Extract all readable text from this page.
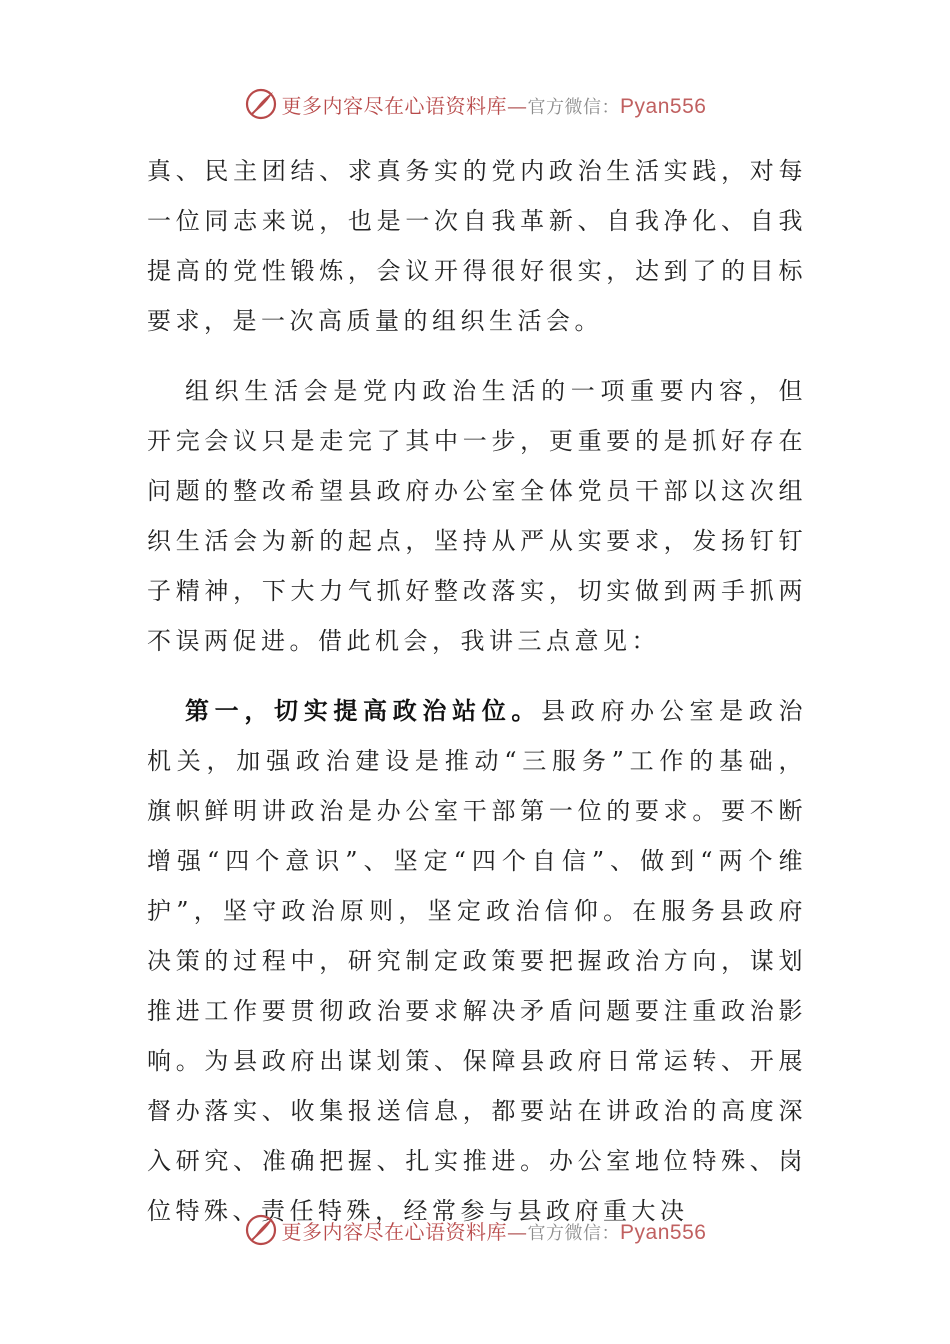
更多内容尽在心语资料库—官方微信：Pyan556

真、民主团结、求真务实的党内政治生活实践，对每一位同志来说，也是一次自我革新、自我净化、自我提高的党性锻炼，会议开得很好很实，达到了的目标要求，是一次高质量的组织生活会。

组织生活会是党内政治生活的一项重要内容，但开完会议只是走完了其中一步，更重要的是抓好存在问题的整改希望县政府办公室全体党员干部以这次组织生活会为新的起点，坚持从严从实要求，发扬钉钉子精神，下大力气抓好整改落实，切实做到两手抓两不误两促进。借此机会，我讲三点意见：

第一，切实提高政治站位。县政府办公室是政治机关，加强政治建设是推动“三服务”工作的基础，旗帜鲜明讲政治是办公室干部第一位的要求。要不断增强“四个意识”、坚定“四个自信”、做到“两个维护”，坚守政治原则，坚定政治信仰。在服务县政府决策的过程中，研究制定政策要把握政治方向，谋划推进工作要贯彻政治要求解决矛盾问题要注重政治影响。为县政府出谋划策、保障县政府日常运转、开展督办落实、收集报送信息，都要站在讲政治的高度深入研究、准确把握、扎实推进。办公室地位特殊、岗位特殊、责任特殊，经常参与县政府重大决

更多内容尽在心语资料库—官方微信：Pyan556
